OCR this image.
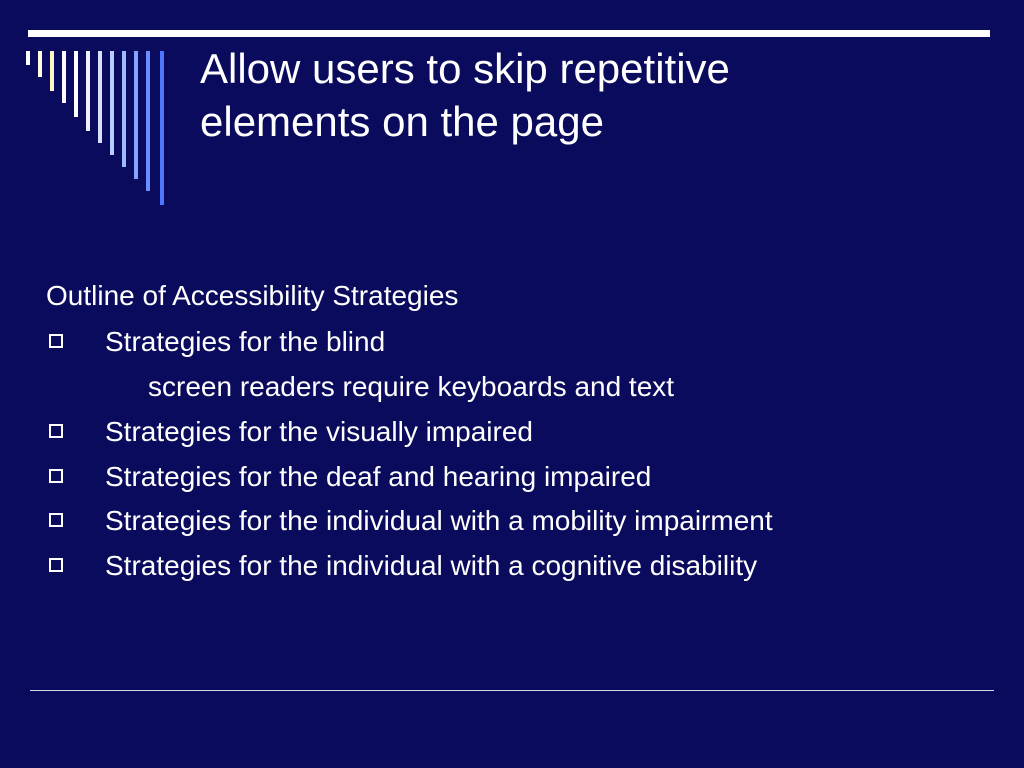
Allow users to skip repetitive
elements on the page
Outline of Accessibility Strategies
Strategies for the blind
screen readers require keyboards and text
Strategies for the visually impaired
Strategies for the deaf and hearing impaired
Strategies for the individual with a mobility impairment
Strategies for the individual with a cognitive disability
